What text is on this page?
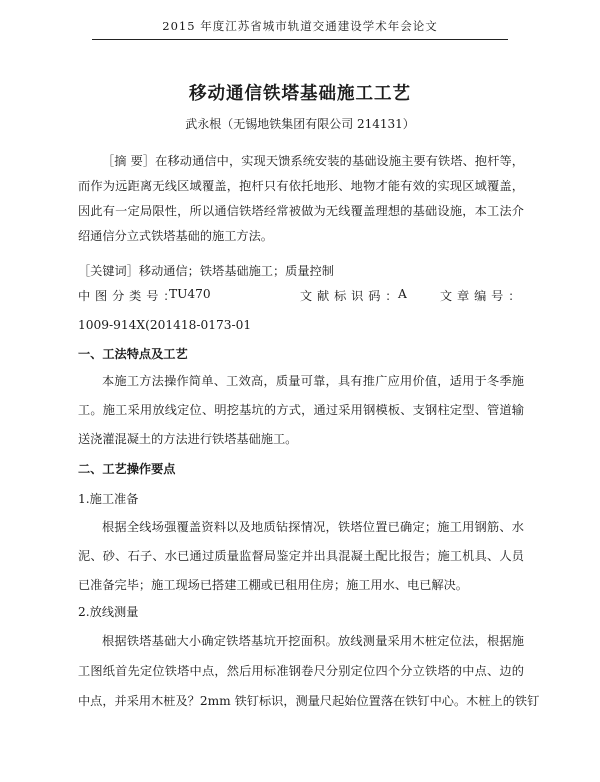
2015 年度江苏省城市轨道交通建设学术年会论文
移动通信铁塔基础施工工艺
武永根（无锡地铁集团有限公司 214131）
［摘 要］在移动通信中，实现天馈系统安装的基础设施主要有铁塔、抱杆等，
而作为远距离无线区域覆盖，抱杆只有依托地形、地物才能有效的实现区域覆盖，
因此有一定局限性，所以通信铁塔经常被做为无线覆盖理想的基础设施，本工法介
绍通信分立式铁塔基础的施工方法。
［关键词］移动通信；铁塔基础施工；质量控制
中 图 分 类 号 ：
TU470	文 献 标 识 码 ： A	文 章 编 号 ：
1009-914X(201418-0173-01
一、工法特点及工艺
本施工方法操作简单、工效高，质量可靠，具有推广应用价值，适用于冬季施
工。施工采用放线定位、明挖基坑的方式，通过采用钢模板、支钢柱定型、管道输
送浇灌混凝土的方法进行铁塔基础施工。
二、工艺操作要点
1.施工准备
根据全线场强覆盖资料以及地质钻探情况，铁塔位置已确定；施工用钢筋、水
泥、砂、石子、水已通过质量监督局鉴定并出具混凝土配比报告；施工机具、人员
已准备完毕；施工现场已搭建工棚或已租用住房；施工用水、电已解决。
2.放线测量
根据铁塔基础大小确定铁塔基坑开挖面积。放线测量采用木桩定位法，根据施
工图纸首先定位铁塔中点，然后用标准钢卷尺分别定位四个分立铁塔的中点、边的
中点，并采用木桩及？2mm 铁钉标识，测量尺起始位置落在铁钉中心。木桩上的铁钉
